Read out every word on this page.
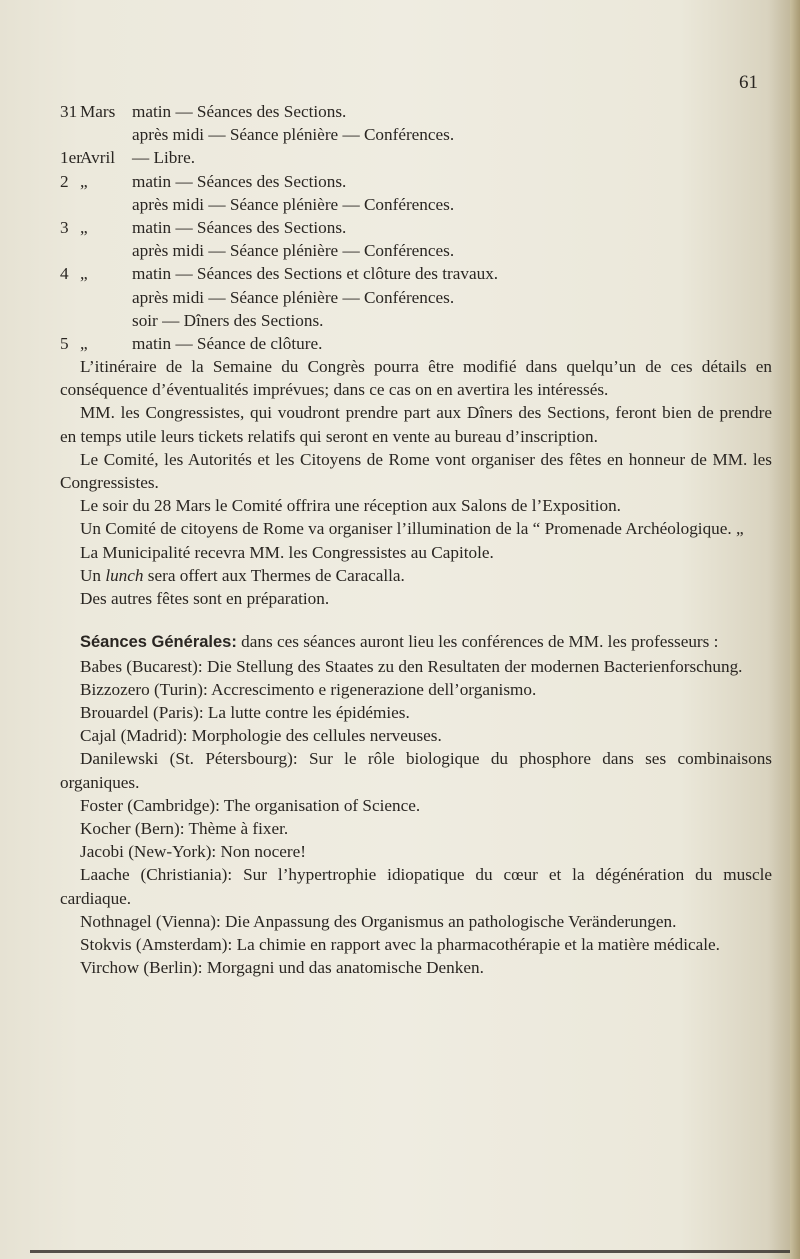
61
31 Mars matin — Séances des Sections.
après midi — Séance plénière — Conférences.
1erAvril — Libre.
2 „	matin — Séances des Sections.
après midi — Séance plénière — Conférences.
3 „	matin — Séances des Sections.
après midi — Séance plénière — Conférences.
4 „	matin — Séances des Sections et clôture des travaux.
après midi — Séance plénière — Conférences.
soir — Dîners des Sections.
5 „	matin — Séance de clôture.

L’itinéraire de la Semaine du Congrès pourra être modifié dans quelqu’un de ces détails en conséquence d’éventualités imprévues; dans ce cas on en avertira les intéressés.

MM. les Congressistes, qui voudront prendre part aux Dîners des Sections, feront bien de prendre en temps utile leurs tickets relatifs qui seront en vente au bureau d’inscription.

Le Comité, les Autorités et les Citoyens de Rome vont organiser des fêtes en honneur de MM. les Congressistes.

Le soir du 28 Mars le Comité offrira une réception aux Salons de l’Exposition.

Un Comité de citoyens de Rome va organiser l’illumination de la “ Promenade Archéologique. „

La Municipalité recevra MM. les Congressistes au Capitole.

Un lunch sera offert aux Thermes de Caracalla.

Des autres fêtes sont en préparation.

Séances Générales: dans ces séances auront lieu les conférences de MM. les professeurs :

Babes (Bucarest): Die Stellung des Staates zu den Resultaten der modernen Bacterienforschung.

Bizzozero (Turin): Accrescimento e rigenerazione dell’organismo.

Brouardel (Paris): La lutte contre les épidémies.

Cajal (Madrid): Morphologie des cellules nerveuses.

Danilewski (St. Pétersbourg): Sur le rôle biologique du phosphore dans ses combinaisons organiques.

Foster (Cambridge): The organisation of Science.

Kocher (Bern): Thème à fixer.

Jacobi (New-York): Non nocere!

Laache (Christiania): Sur l’hypertrophie idiopatique du cœur et la dégénération du muscle cardiaque.

Nothnagel (Vienna): Die Anpassung des Organismus an pathologische Veränderungen.

Stokvis (Amsterdam): La chimie en rapport avec la pharmacothérapie et la matière médicale.

Virchow (Berlin): Morgagni und das anatomische Denken.
